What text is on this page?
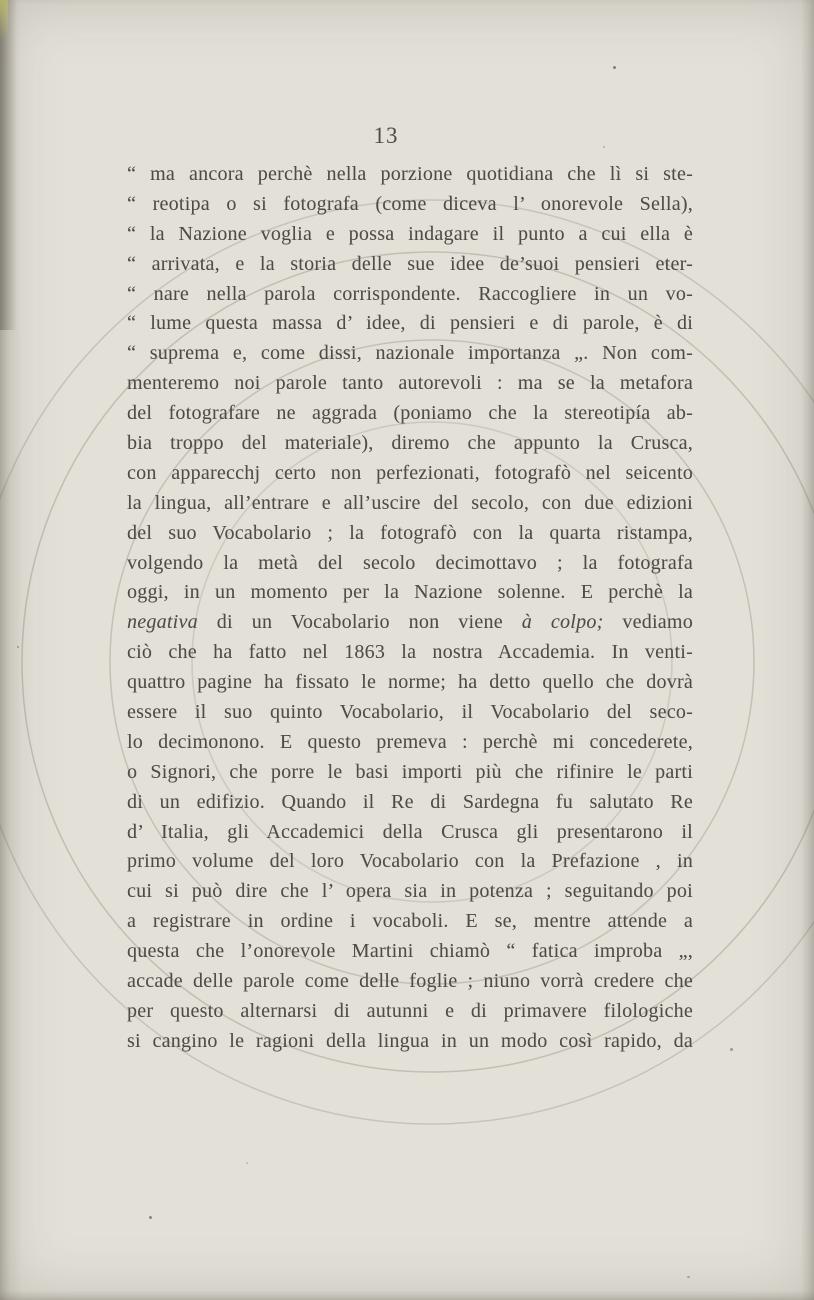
13
“ ma ancora perchè nella porzione quotidiana che lì si ste-
“ reotipa o si fotografa (come diceva l’ onorevole Sella),
“ la Nazione voglia e possa indagare il punto a cui ella è
“ arrivata, e la storia delle sue idee de’suoi pensieri eter-
“ nare nella parola corrispondente. Raccogliere in un vo-
“ lume questa massa d’ idee, di pensieri e di parole, è di
“ suprema e, come dissi, nazionale importanza „. Non com-
menteremo noi parole tanto autorevoli : ma se la metafora
del fotografare ne aggrada (poniamo che la stereotipía ab-
bia troppo del materiale), diremo che appunto la Crusca,
con apparecchj certo non perfezionati, fotografò nel seicento
la lingua, all’entrare e all’uscire del secolo, con due edizioni
del suo Vocabolario ; la fotografò con la quarta ristampa,
volgendo la metà del secolo decimottavo ; la fotografa
oggi, in un momento per la Nazione solenne. E perchè la
negativa di un Vocabolario non viene à colpo; vediamo
ciò che ha fatto nel 1863 la nostra Accademia. In venti-
quattro pagine ha fissato le norme; ha detto quello che dovrà
essere il suo quinto Vocabolario, il Vocabolario del seco-
lo decimonono. E questo premeva : perchè mi concederete,
o Signori, che porre le basi importi più che rifinire le parti
di un edifizio. Quando il Re di Sardegna fu salutato Re
d’ Italia, gli Accademici della Crusca gli presentarono il
primo volume del loro Vocabolario con la Prefazione , in
cui si può dire che l’ opera sia in potenza ; seguitando poi
a registrare in ordine i vocaboli. E se, mentre attende a
questa che l’onorevole Martini chiamò “ fatica improba „,
accade delle parole come delle foglie ; niuno vorrà credere che
per questo alternarsi di autunni e di primavere filologiche
si cangino le ragioni della lingua in un modo così rapido, da
